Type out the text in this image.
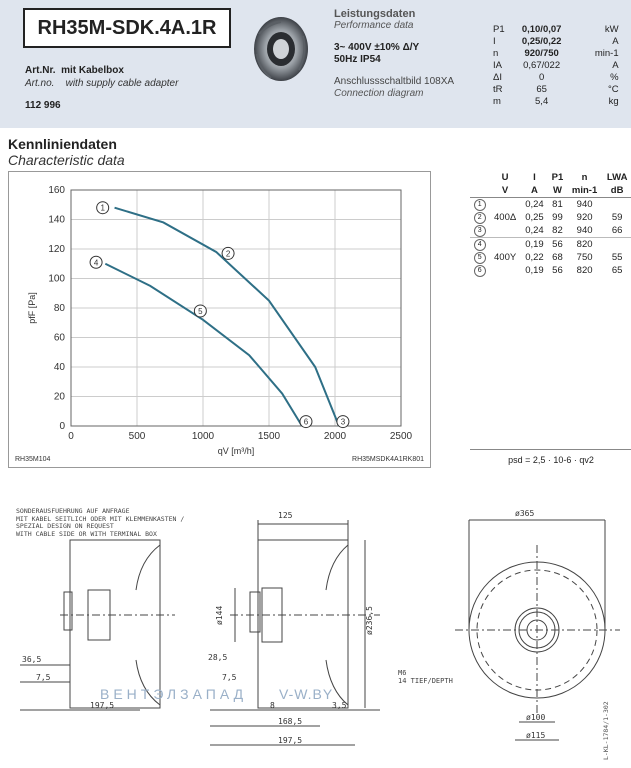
RH35M-SDK.4A.1R
Art.Nr. mit Kabelbox
Art.no. with supply cable adapter
112 996
Leistungsdaten
Performance data
3~ 400V ±10% Δ/Y
50Hz IP54
Anschlussschaltbild 108XA
Connection diagram
P1	0,10/0,07	kW
I	0,25/0,22	A
n	920/750	min-1
IA	0,67/022	A
ΔI	0	%
tR	65	°C
m	5,4	kg
Kennliniendaten
Characteristic data
0	500	1000	1500	2000	2500
0
20
40
60
80
100
120
140
160
qV [m³/h]
pfF [Pa]
RH35M104	RH35MSDK4A1RK801
1
2
3
4
5
6
	U	I	P1	n	LWA
	V	A	W	min-1	dB
1		0,24	81	940	
2	400Δ	0,25	99	920	59
3		0,24	82	940	66
4		0,19	56	820	
5	400Y	0,22	68	750	55
6		0,19	56	820	65
psd = 2,5 · 10-6 · qv2
SONDERAUSFUEHRUNG AUF ANFRAGE
MIT KABEL SEITLICH ODER MIT KLEMMENKASTEN /
SPEZIAL DESIGN ON REQUEST
WITH CABLE SIDE OR WITH TERMINAL BOX
M6
14 TIEF/DEPTH
L-KL-1784/1-302
125	ø365
ø144	ø236,5
36,5
7,5
197,5
28,5
7,5
8	3,5
168,5
197,5
ø100
ø115
ВЕНТЭЛЗАПАД V-W.BY
